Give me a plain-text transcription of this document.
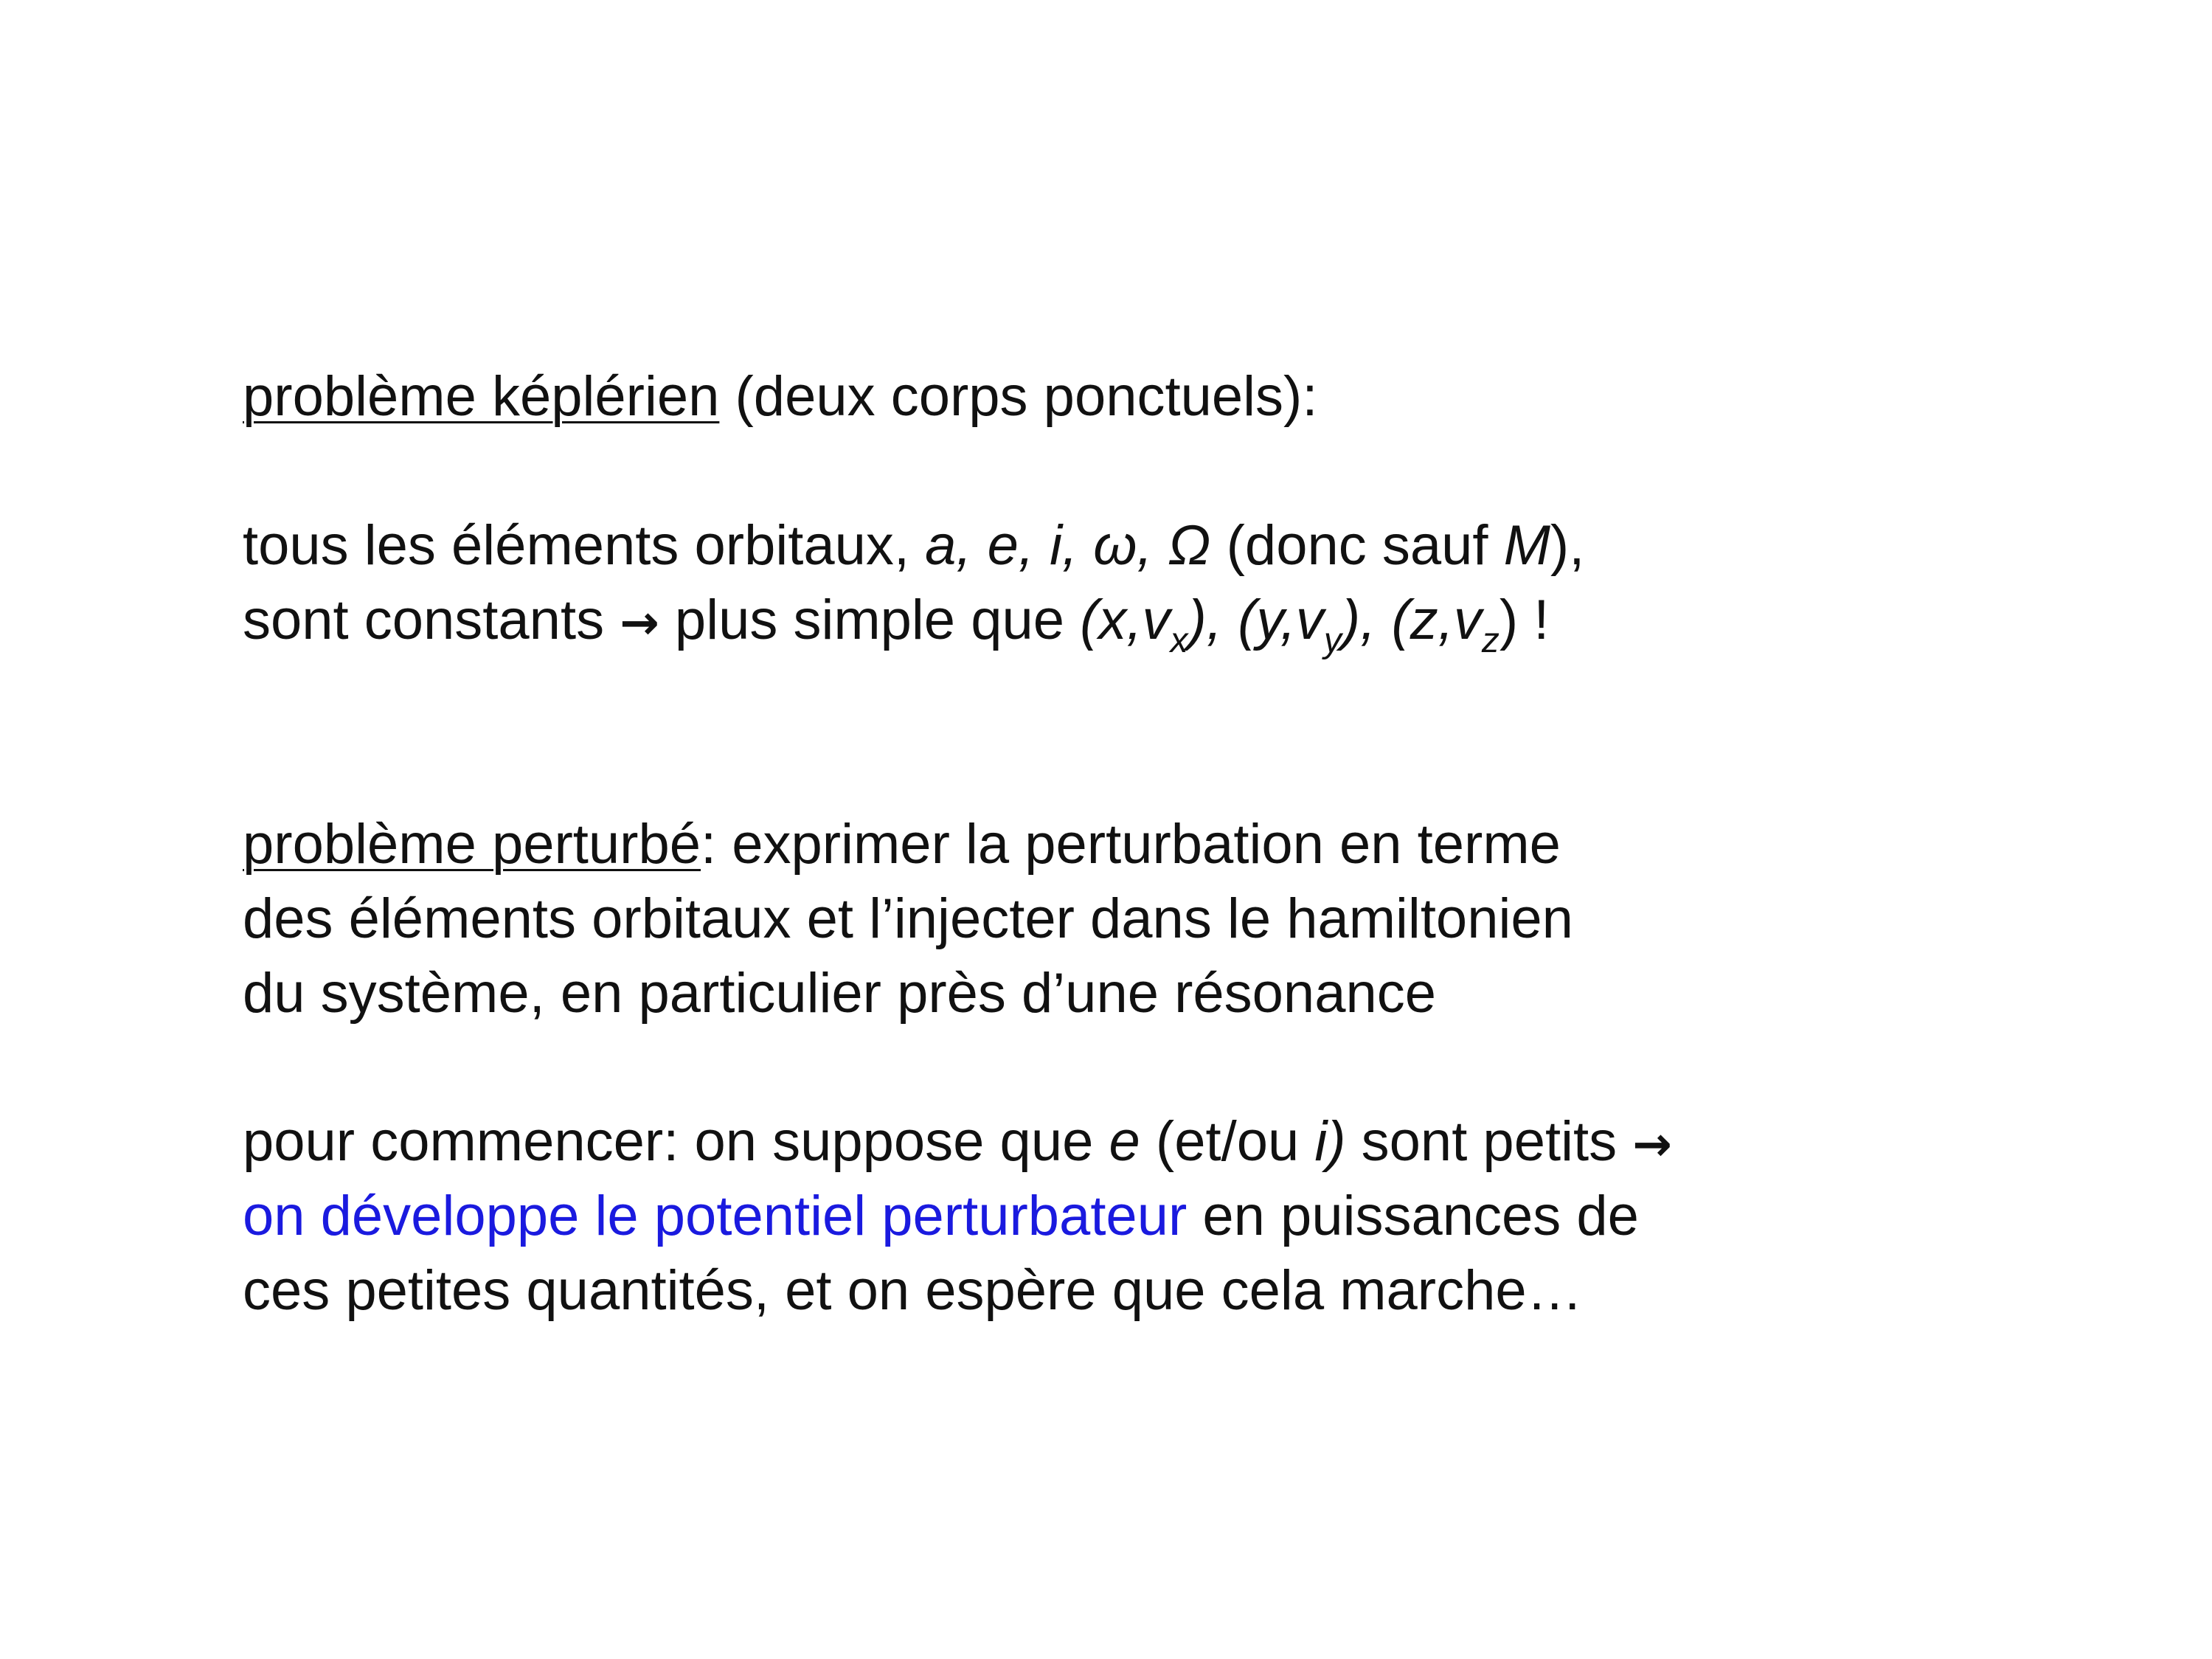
problème képlérien (deux corps ponctuels):
tous les éléments orbitaux, a, e, i, ω, Ω (donc sauf M),
sont constants → plus simple que $(x,v_x)$, $(y,v_y)$, $(z,v_z)$ !
problème perturbé: exprimer la perturbation en terme
des éléments orbitaux et l’injecter dans le hamiltonien
du système, en particulier près d’une résonance
pour commencer: on suppose que e (et/ou i) sont petits →
on développe le potentiel perturbateur en puissances de
ces petites quantités, et on espère que cela marche…
